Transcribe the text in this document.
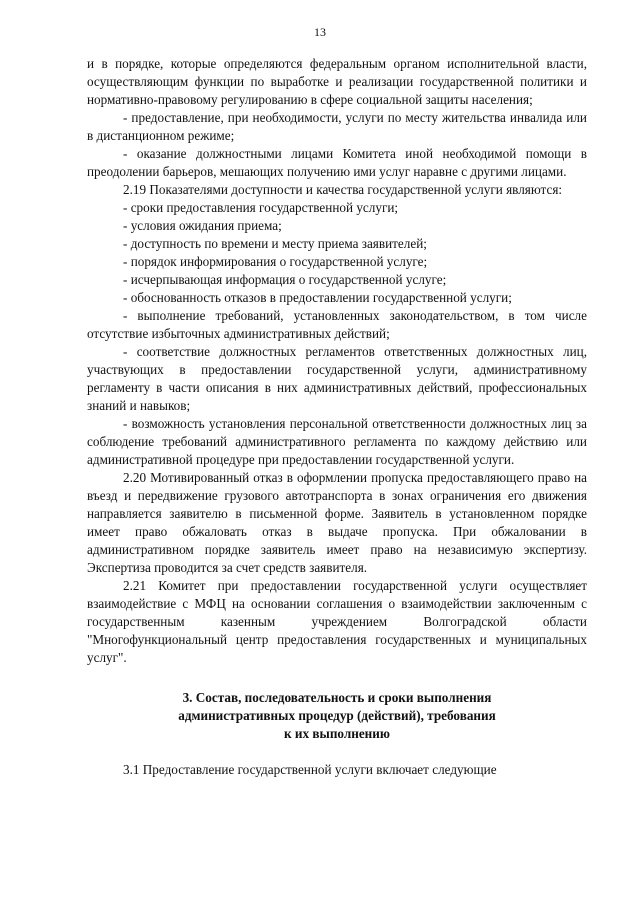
13

и в порядке, которые определяются федеральным органом исполнительной власти, осуществляющим функции по выработке и реализации государственной политики и нормативно-правовому регулированию в сфере социальной защиты населения;

- предоставление, при необходимости, услуги по месту жительства инвалида или в дистанционном режиме;

- оказание должностными лицами Комитета иной необходимой помощи в преодолении барьеров, мешающих получению ими услуг наравне с другими лицами.

2.19 Показателями доступности и качества государственной услуги являются:

- сроки предоставления государственной услуги;

- условия ожидания приема;

- доступность по времени и месту приема заявителей;

- порядок информирования о государственной услуге;

- исчерпывающая информация о государственной услуге;

- обоснованность отказов в предоставлении государственной услуги;

- выполнение требований, установленных законодательством, в том числе отсутствие избыточных административных действий;

- соответствие должностных регламентов ответственных должностных лиц, участвующих в предоставлении государственной услуги, административному регламенту в части описания в них административных действий, профессиональных знаний и навыков;

- возможность установления персональной ответственности должностных лиц за соблюдение требований административного регламента по каждому действию или административной процедуре при предоставлении государственной услуги.

2.20 Мотивированный отказ в оформлении пропуска предоставляющего право на въезд и передвижение грузового автотранспорта в зонах ограничения его движения направляется заявителю в письменной форме. Заявитель в установленном порядке имеет право обжаловать отказ в выдаче пропуска. При обжаловании в административном порядке заявитель имеет право на независимую экспертизу. Экспертиза проводится за счет средств заявителя.

2.21 Комитет при предоставлении государственной услуги осуществляет взаимодействие с МФЦ на основании соглашения о взаимодействии заключенным с государственным казенным учреждением Волгоградской области "Многофункциональный центр предоставления государственных и муниципальных услуг".

3. Состав, последовательность и сроки выполнения
административных процедур (действий), требования
к их выполнению

3.1 Предоставление государственной услуги включает следующие
